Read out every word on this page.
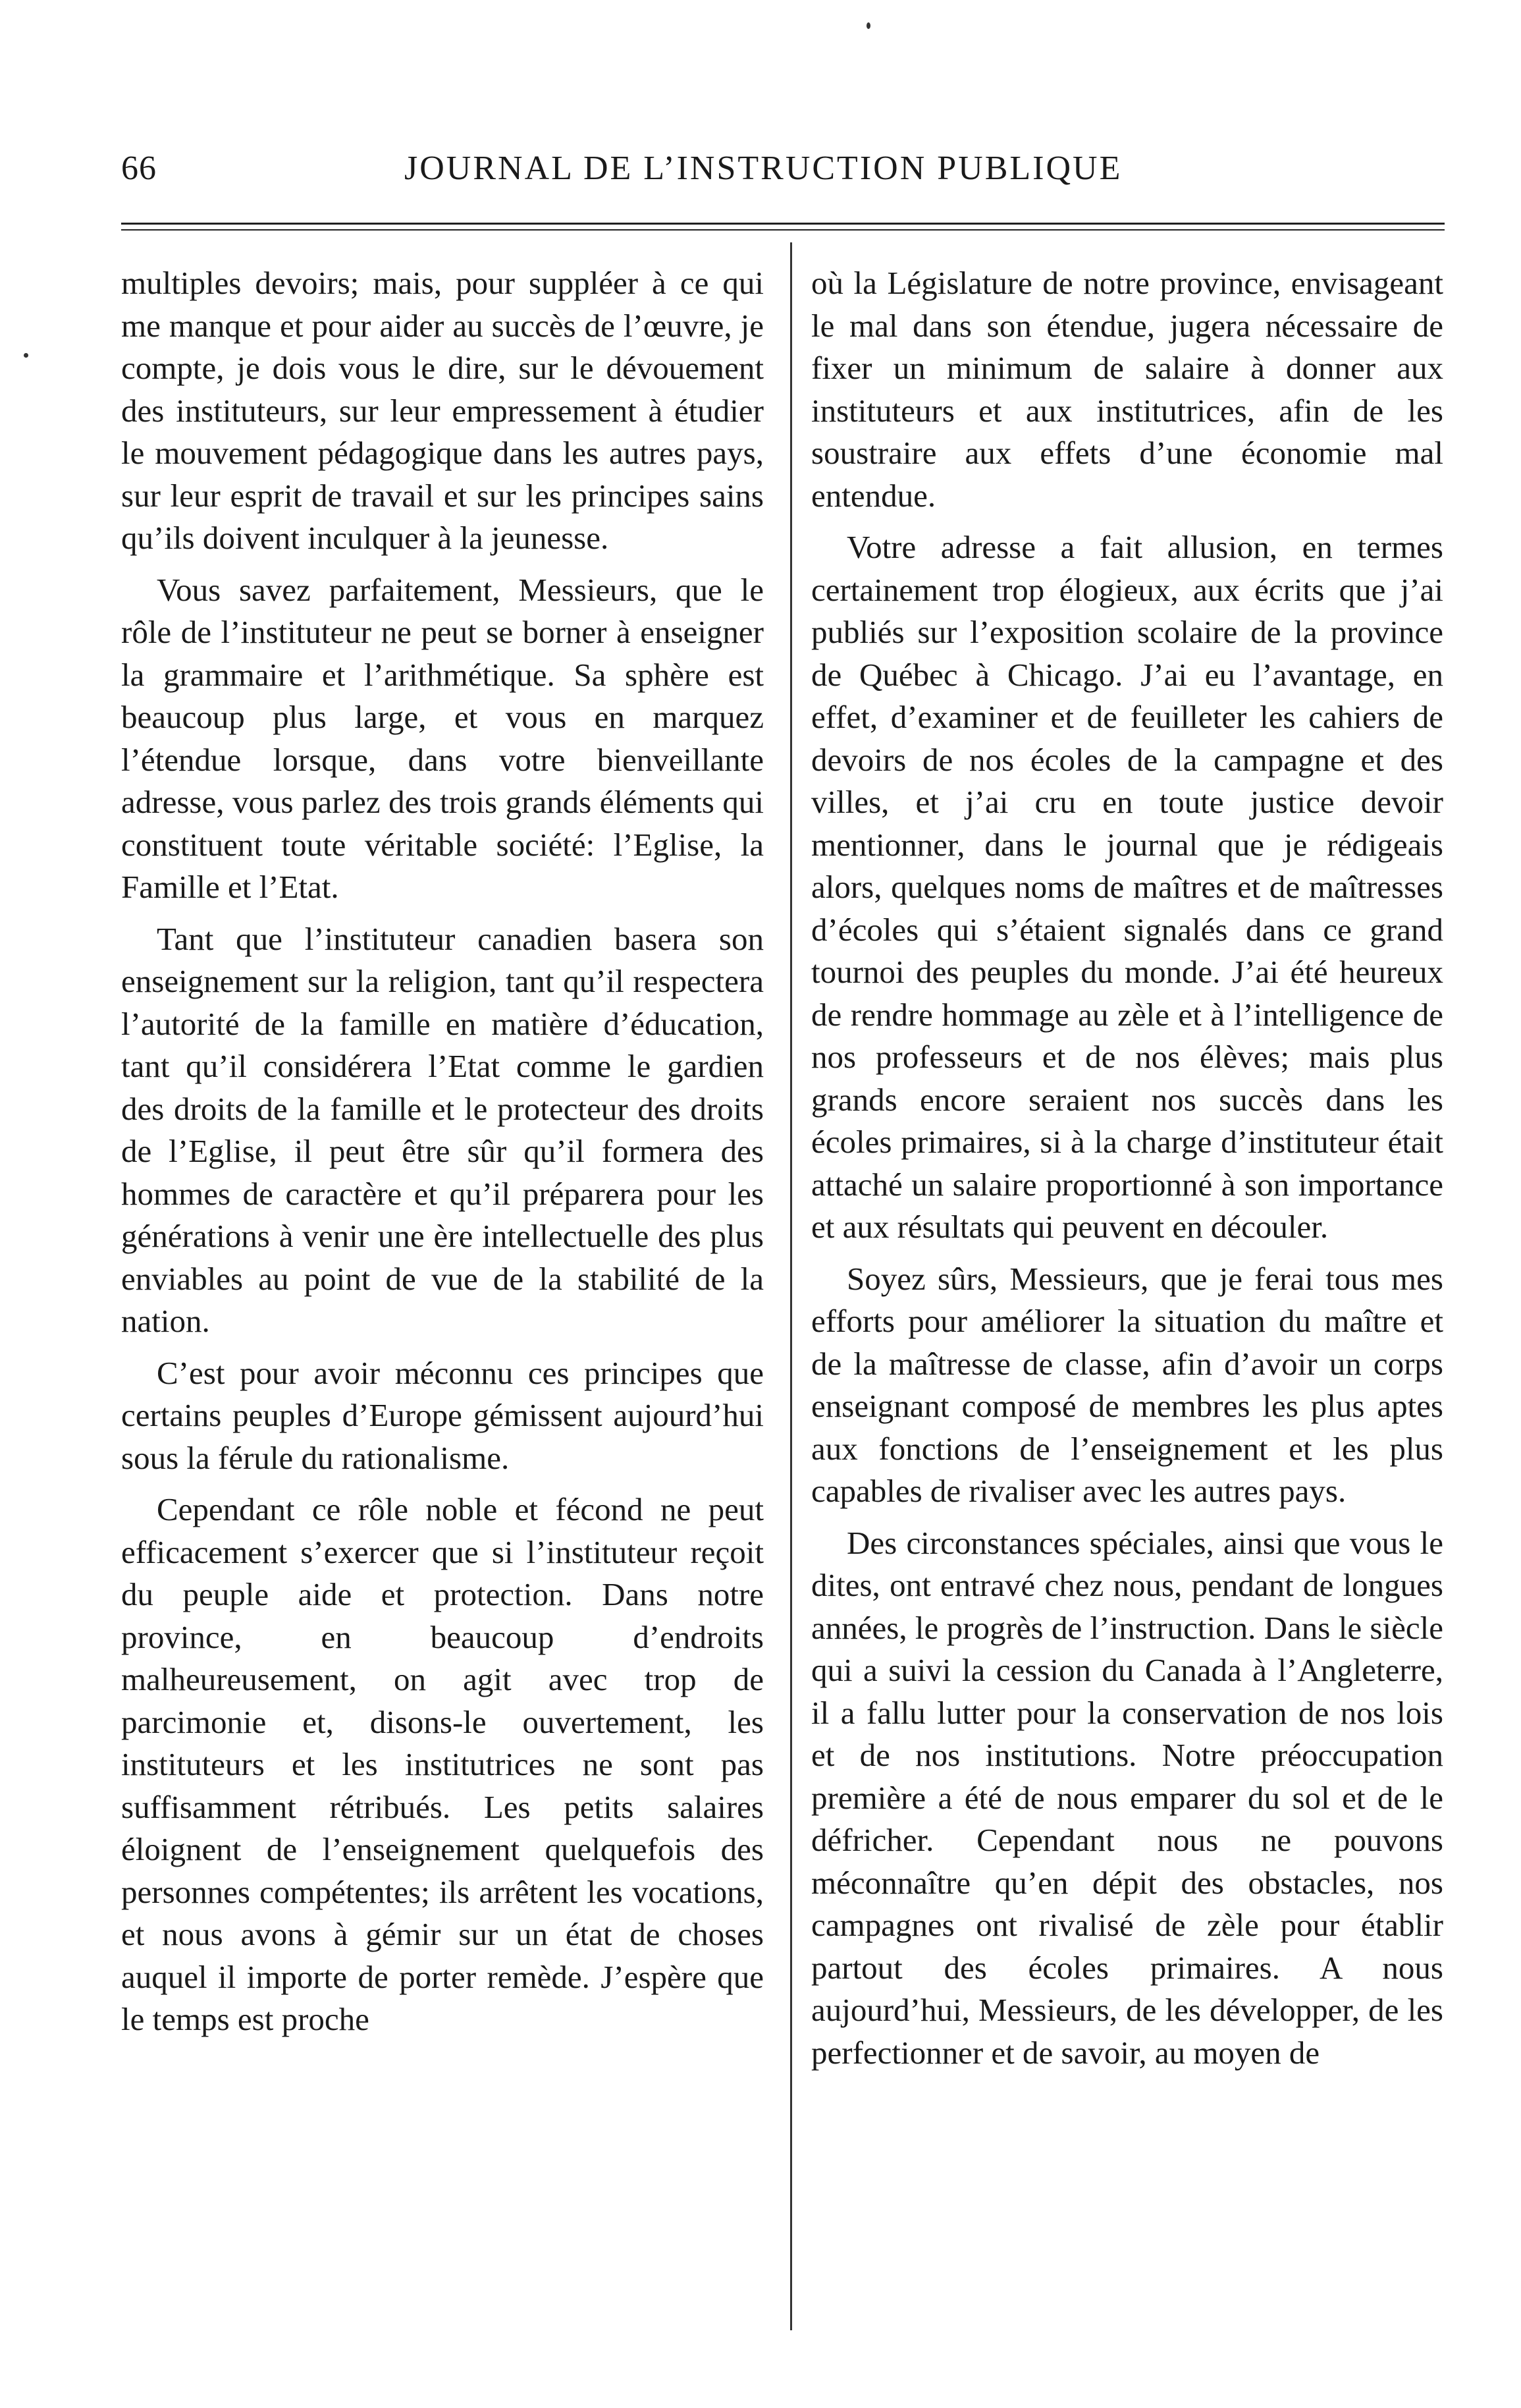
66	JOURNAL DE L’INSTRUCTION PUBLIQUE

multiples devoirs; mais, pour suppléer à ce qui me manque et pour aider au succès de l’œuvre, je compte, je dois vous le dire, sur le dévouement des instituteurs, sur leur empressement à étudier le mouvement pédagogique dans les autres pays, sur leur esprit de travail et sur les principes sains qu’ils doivent inculquer à la jeunesse.

Vous savez parfaitement, Messieurs, que le rôle de l’instituteur ne peut se borner à enseigner la grammaire et l’arithmétique. Sa sphère est beaucoup plus large, et vous en marquez l’étendue lorsque, dans votre bienveillante adresse, vous parlez des trois grands éléments qui constituent toute véritable société: l’Eglise, la Famille et l’Etat.

Tant que l’instituteur canadien basera son enseignement sur la religion, tant qu’il respectera l’autorité de la famille en matière d’éducation, tant qu’il considérera l’Etat comme le gardien des droits de la famille et le protecteur des droits de l’Eglise, il peut être sûr qu’il formera des hommes de caractère et qu’il préparera pour les générations à venir une ère intellectuelle des plus enviables au point de vue de la stabilité de la nation.

C’est pour avoir méconnu ces principes que certains peuples d’Europe gémissent aujourd’hui sous la férule du rationalisme.

Cependant ce rôle noble et fécond ne peut efficacement s’exercer que si l’instituteur reçoit du peuple aide et protection. Dans notre province, en beaucoup d’endroits malheureusement, on agit avec trop de parcimonie et, disons-le ouvertement, les instituteurs et les institutrices ne sont pas suffisamment rétribués. Les petits salaires éloignent de l’enseignement quelquefois des personnes compétentes; ils arrêtent les vocations, et nous avons à gémir sur un état de choses auquel il importe de porter remède. J’espère que le temps est proche

où la Législature de notre province, envisageant le mal dans son étendue, jugera nécessaire de fixer un minimum de salaire à donner aux instituteurs et aux institutrices, afin de les soustraire aux effets d’une économie mal entendue.

Votre adresse a fait allusion, en termes certainement trop élogieux, aux écrits que j’ai publiés sur l’exposition scolaire de la province de Québec à Chicago. J’ai eu l’avantage, en effet, d’examiner et de feuilleter les cahiers de devoirs de nos écoles de la campagne et des villes, et j’ai cru en toute justice devoir mentionner, dans le journal que je rédigeais alors, quelques noms de maîtres et de maîtresses d’écoles qui s’étaient signalés dans ce grand tournoi des peuples du monde. J’ai été heureux de rendre hommage au zèle et à l’intelligence de nos professeurs et de nos élèves; mais plus grands encore seraient nos succès dans les écoles primaires, si à la charge d’instituteur était attaché un salaire proportionné à son importance et aux résultats qui peuvent en découler.

Soyez sûrs, Messieurs, que je ferai tous mes efforts pour améliorer la situation du maître et de la maîtresse de classe, afin d’avoir un corps enseignant composé de membres les plus aptes aux fonctions de l’enseignement et les plus capables de rivaliser avec les autres pays.

Des circonstances spéciales, ainsi que vous le dites, ont entravé chez nous, pendant de longues années, le progrès de l’instruction. Dans le siècle qui a suivi la cession du Canada à l’Angleterre, il a fallu lutter pour la conservation de nos lois et de nos institutions. Notre préoccupation première a été de nous emparer du sol et de le défricher. Cependant nous ne pouvons méconnaître qu’en dépit des obstacles, nos campagnes ont rivalisé de zèle pour établir partout des écoles primaires. A nous aujourd’hui, Messieurs, de les développer, de les perfectionner et de savoir, au moyen de
